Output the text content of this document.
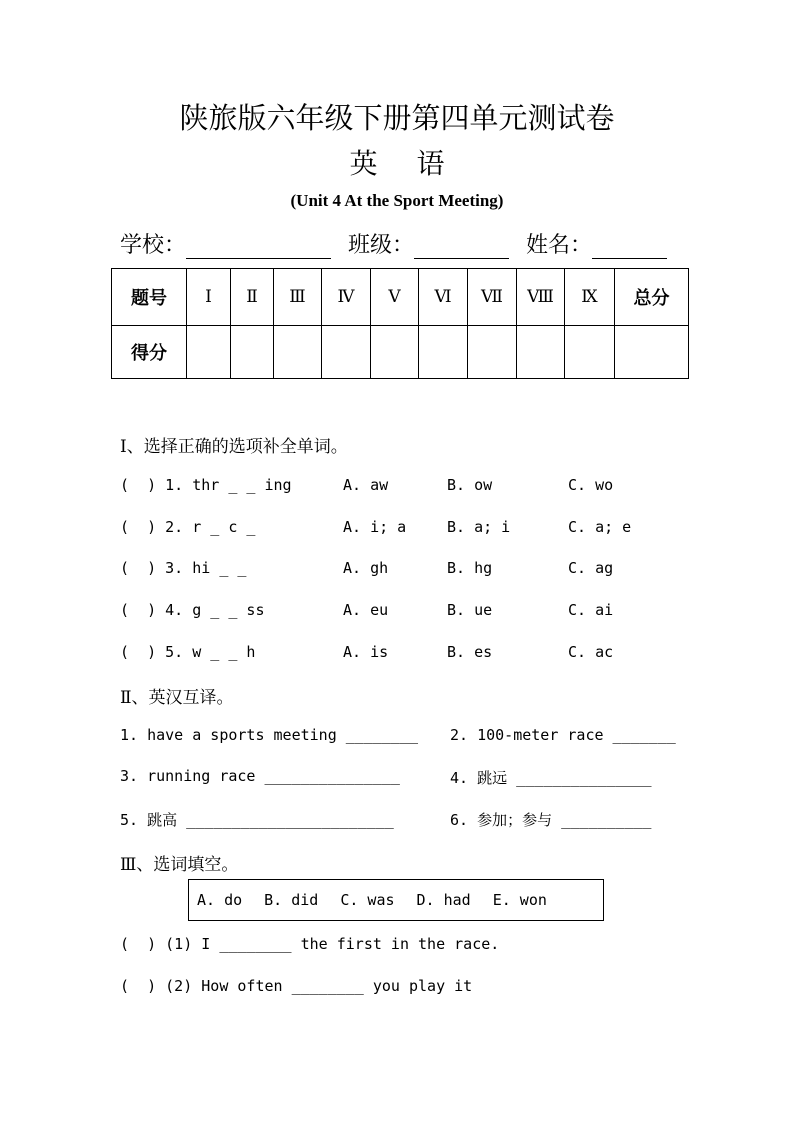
陕旅版六年级下册第四单元测试卷
英 语
(Unit 4 At the Sport Meeting)
学校：	班级：	姓名：
题号	Ⅰ	Ⅱ	Ⅲ	Ⅳ	Ⅴ	Ⅵ	Ⅶ	Ⅷ	Ⅸ	总分
得分										
Ⅰ、选择正确的选项补全单词。
(  ) 1. thr _ _ ing	A. aw	B. ow	C. wo
(  ) 2. r _ c _	A. i; a	B. a; i	C. a; e
(  ) 3. hi _ _	A. gh	B. hg	C. ag
(  ) 4. g _ _ ss	A. eu	B. ue	C. ai
(  ) 5. w _ _ h	A. is	B. es	C. ac
Ⅱ、英汉互译。
1. have a sports meeting ________ 2. 100-meter race _______
3. running race _______________	4. 跳远 _______________
5. 跳高 _______________________	6. 参加；参与 __________
Ⅲ、选词填空。
A. do B. did C. was D. had E. won
(  ) (1) I ________ the first in the race.
(  ) (2) How often ________ you play it
